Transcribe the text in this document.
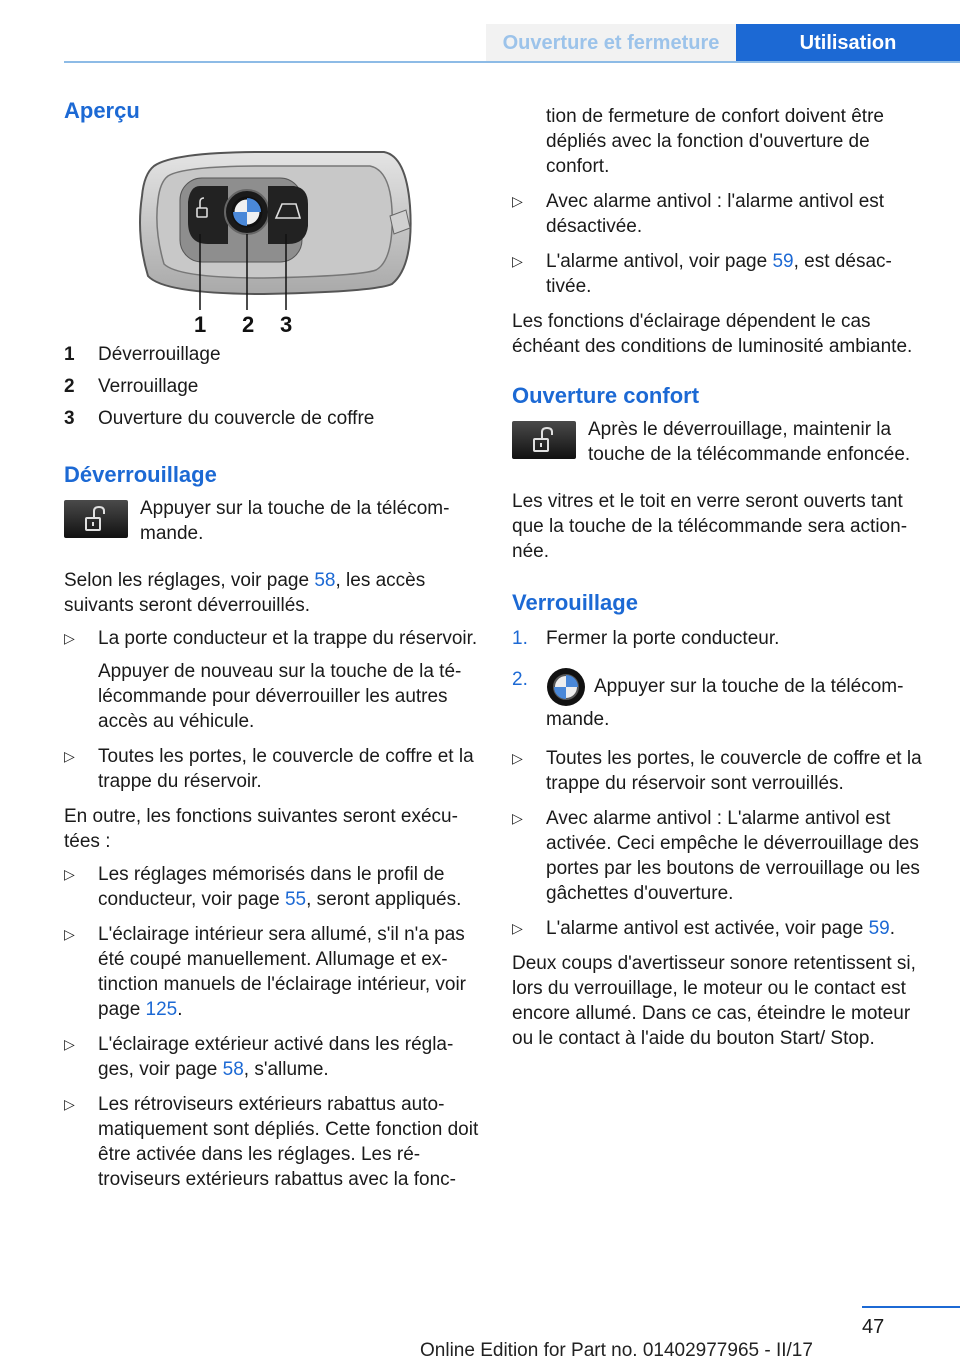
Ouverture et fermeture	Utilisation
Aperçu
1 2 3
1	Déverrouillage
2	Verrouillage
3	Ouverture du couvercle de coffre
Déverrouillage

Appuyer sur la touche de la télécommande.

Selon les réglages, voir page 58, les accès suivants seront déverrouillés.

▷	La porte conducteur et la trappe du réservoir.

Appuyer de nouveau sur la touche de la télécommande pour déverrouiller les autres accès au véhicule.

▷	Toutes les portes, le couvercle de coffre et la trappe du réservoir.

En outre, les fonctions suivantes seront exécutées :

▷	Les réglages mémorisés dans le profil de conducteur, voir page 55, seront appliqués.

▷	L'éclairage intérieur sera allumé, s'il n'a pas été coupé manuellement. Allumage et extinction manuels de l'éclairage intérieur, voir page 125.

▷	L'éclairage extérieur activé dans les réglages, voir page 58, s'allume.

▷	Les rétroviseurs extérieurs rabattus automatiquement sont dépliés. Cette fonction doit être activée dans les réglages. Les rétroviseurs extérieurs rabattus avec la fonc-

tion de fermeture de confort doivent être dépliés avec la fonction d'ouverture de confort.

▷	Avec alarme antivol : l'alarme antivol est désactivée.

▷	L'alarme antivol, voir page 59, est désactivée.

Les fonctions d'éclairage dépendent le cas échéant des conditions de luminosité ambiante.

Ouverture confort

Après le déverrouillage, maintenir la touche de la télécommande enfoncée.

Les vitres et le toit en verre seront ouverts tant que la touche de la télécommande sera actionnée.

Verrouillage
1. Fermer la porte conducteur.

2.	Appuyer sur la touche de la télécommande.

▷	Toutes les portes, le couvercle de coffre et la trappe du réservoir sont verrouillés.

▷	Avec alarme antivol : L'alarme antivol est activée. Ceci empêche le déverrouillage des portes par les boutons de verrouillage ou les gâchettes d'ouverture.

▷	L'alarme antivol est activée, voir page 59.

Deux coups d'avertisseur sonore retentissent si, lors du verrouillage, le moteur ou le contact est encore allumé. Dans ce cas, éteindre le moteur ou le contact à l'aide du bouton Start/ Stop.

47
Online Edition for Part no. 01402977965 - II/17
